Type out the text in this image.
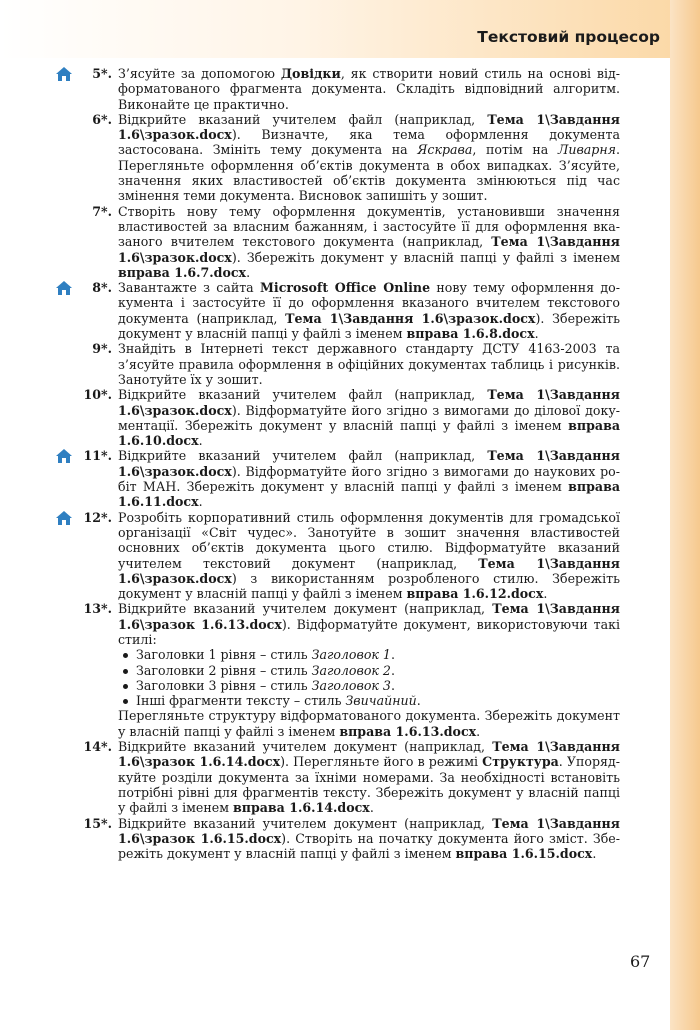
Текстовий процесор
5*. З’ясуйте за допомогою Довідки, як створити новий стиль на основі відформатованого фрагмента документа. Складіть відповідний алгоритм. Виконайте це практично.

6*. Відкрийте вказаний учителем файл (наприклад, Тема 1\Завдання 1.6\зразок.docx). Визначте, яка тема оформлення документа застосована. Змініть тему документа на Яскрава, потім на Ливарня. Перегляньте оформлення об’єктів документа в обох випадках. З’ясуйте, значення яких властивостей об’єктів документа змінюються під час змінення теми документа. Висновок запишіть у зошит.

7*. Створіть нову тему оформлення документів, установивши значення властивостей за власним бажанням, і застосуйте її для оформлення вказаного вчителем текстового документа (наприклад, Тема 1\Завдання 1.6\зразок.docx). Збережіть документ у власній папці у файлі з іменем вправа 1.6.7.docx.

8*. Завантажте з сайта Microsoft Office Online нову тему оформлення документа і застосуйте її до оформлення вказаного вчителем текстового документа (наприклад, Тема 1\Завдання 1.6\зразок.docx). Збережіть документ у власній папці у файлі з іменем вправа 1.6.8.docx.

9*. Знайдіть в Інтернеті текст державного стандарту ДСТУ 4163-2003 та з’ясуйте правила оформлення в офіційних документах таблиць і рисунків. Занотуйте їх у зошит.

10*. Відкрийте вказаний учителем файл (наприклад, Тема 1\Завдання 1.6\зразок.docx). Відформатуйте його згідно з вимогами до ділової документації. Збережіть документ у власній папці у файлі з іменем вправа 1.6.10.docx.

11*. Відкрийте вказаний учителем файл (наприклад, Тема 1\Завдання 1.6\зразок.docx). Відформатуйте його згідно з вимогами до наукових робіт МАН. Збережіть документ у власній папці у файлі з іменем вправа 1.6.11.docx.

12*. Розробіть корпоративний стиль оформлення документів для громадської організації «Світ чудес». Занотуйте в зошит значення властивостей основних об’єктів документа цього стилю. Відформатуйте вказаний учителем текстовий документ (наприклад, Тема 1\Завдання 1.6\зразок.docx) з використанням розробленого стилю. Збережіть документ у власній папці у файлі з іменем вправа 1.6.12.docx.

13*. Відкрийте вказаний учителем документ (наприклад, Тема 1\Завдання 1.6\зразок 1.6.13.docx). Відформатуйте документ, використовуючи такі стилі:

Заголовки 1 рівня – стиль Заголовок 1.
Заголовки 2 рівня – стиль Заголовок 2.
Заголовки 3 рівня – стиль Заголовок 3.
Інші фрагменти тексту – стиль Звичайний.

Перегляньте структуру відформатованого документа. Збережіть документ у власній папці у файлі з іменем вправа 1.6.13.docx.

14*. Відкрийте вказаний учителем документ (наприклад, Тема 1\Завдання 1.6\зразок 1.6.14.docx). Перегляньте його в режимі Структура. Упорядкуйте розділи документа за їхніми номерами. За необхідності встановіть потрібні рівні для фрагментів тексту. Збережіть документ у власній папці у файлі з іменем вправа 1.6.14.docx.

15*. Відкрийте вказаний учителем документ (наприклад, Тема 1\Завдання 1.6\зразок 1.6.15.docx). Створіть на початку документа його зміст. Збережіть документ у власній папці у файлі з іменем вправа 1.6.15.docx.

67
